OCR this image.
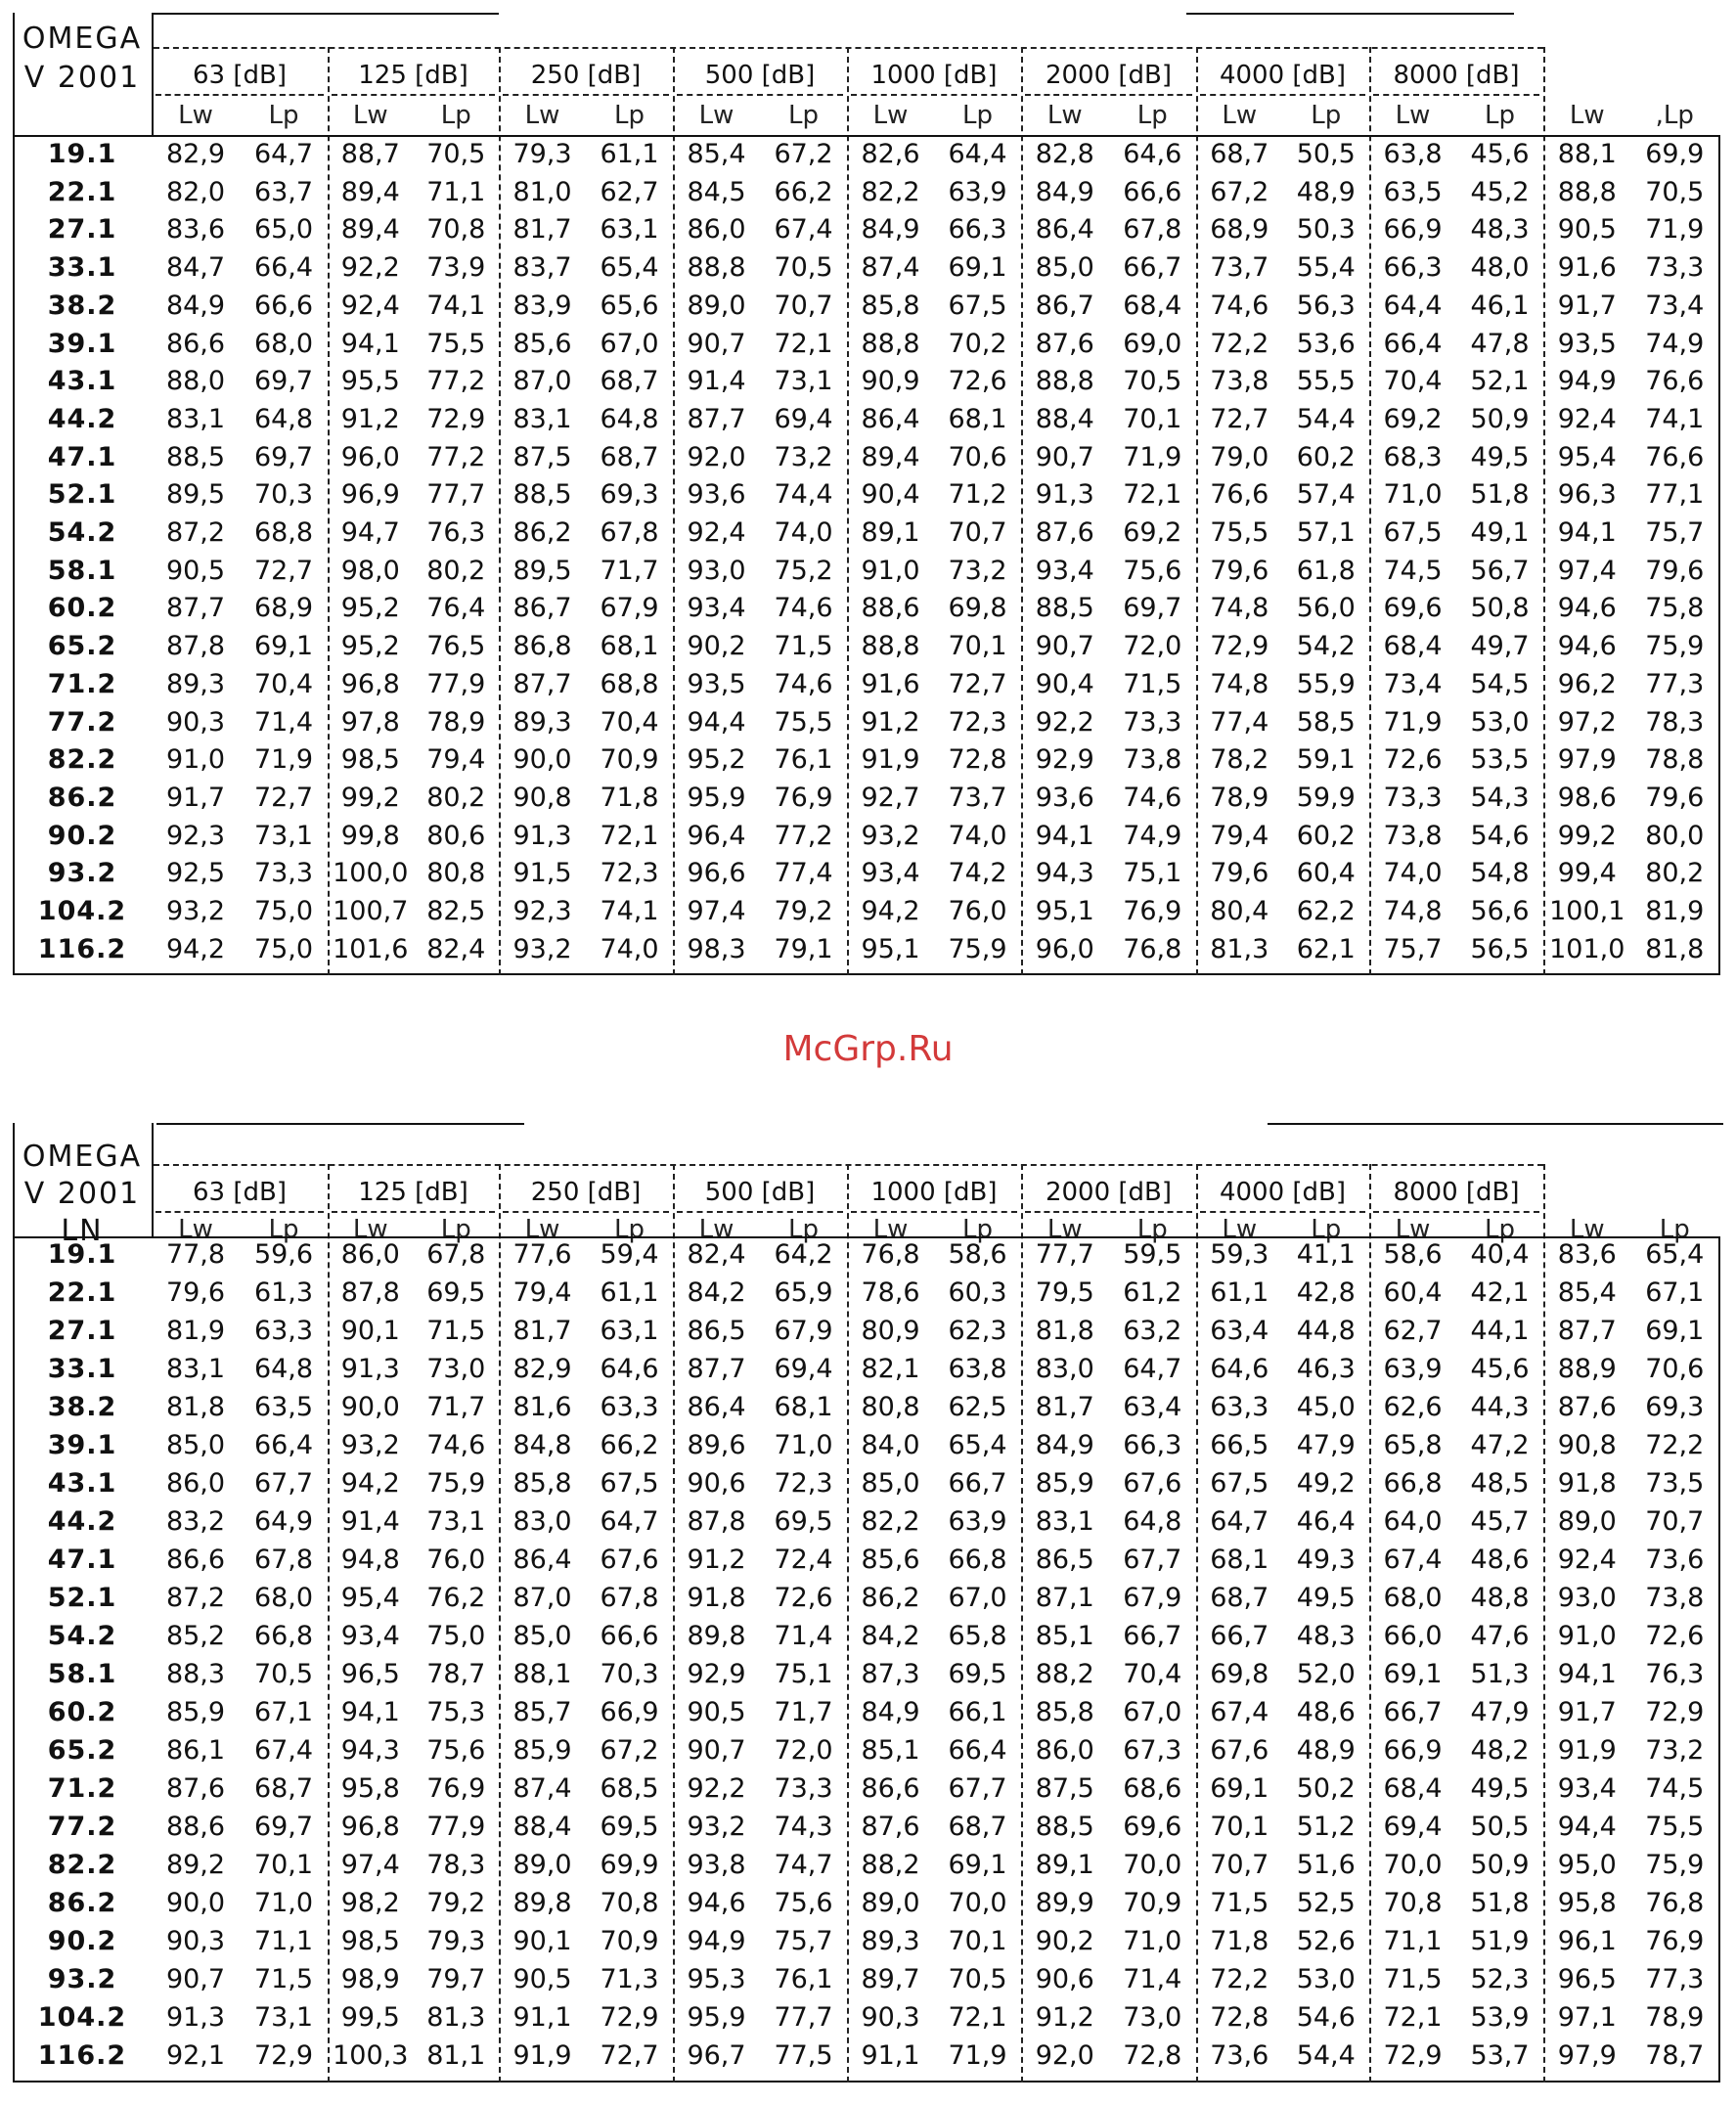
OMEGA
V 2001	63 [dB]	125 [dB]	250 [dB]	500 [dB]	1000 [dB]	2000 [dB]	4000 [dB]	8000 [dB]
Lw	Lp	Lw	Lp	Lw	Lp	Lw	Lp	Lw	Lp	Lw	Lp	Lw	Lp	Lw	Lp	Lw	,Lp
19.1	82,9	64,7	88,7	70,5	79,3	61,1	85,4	67,2	82,6	64,4	82,8	64,6	68,7	50,5	63,8	45,6	88,1	69,9
22.1	82,0	63,7	89,4	71,1	81,0	62,7	84,5	66,2	82,2	63,9	84,9	66,6	67,2	48,9	63,5	45,2	88,8	70,5
27.1	83,6	65,0	89,4	70,8	81,7	63,1	86,0	67,4	84,9	66,3	86,4	67,8	68,9	50,3	66,9	48,3	90,5	71,9
33.1	84,7	66,4	92,2	73,9	83,7	65,4	88,8	70,5	87,4	69,1	85,0	66,7	73,7	55,4	66,3	48,0	91,6	73,3
38.2	84,9	66,6	92,4	74,1	83,9	65,6	89,0	70,7	85,8	67,5	86,7	68,4	74,6	56,3	64,4	46,1	91,7	73,4
39.1	86,6	68,0	94,1	75,5	85,6	67,0	90,7	72,1	88,8	70,2	87,6	69,0	72,2	53,6	66,4	47,8	93,5	74,9
43.1	88,0	69,7	95,5	77,2	87,0	68,7	91,4	73,1	90,9	72,6	88,8	70,5	73,8	55,5	70,4	52,1	94,9	76,6
44.2	83,1	64,8	91,2	72,9	83,1	64,8	87,7	69,4	86,4	68,1	88,4	70,1	72,7	54,4	69,2	50,9	92,4	74,1
47.1	88,5	69,7	96,0	77,2	87,5	68,7	92,0	73,2	89,4	70,6	90,7	71,9	79,0	60,2	68,3	49,5	95,4	76,6
52.1	89,5	70,3	96,9	77,7	88,5	69,3	93,6	74,4	90,4	71,2	91,3	72,1	76,6	57,4	71,0	51,8	96,3	77,1
54.2	87,2	68,8	94,7	76,3	86,2	67,8	92,4	74,0	89,1	70,7	87,6	69,2	75,5	57,1	67,5	49,1	94,1	75,7
58.1	90,5	72,7	98,0	80,2	89,5	71,7	93,0	75,2	91,0	73,2	93,4	75,6	79,6	61,8	74,5	56,7	97,4	79,6
60.2	87,7	68,9	95,2	76,4	86,7	67,9	93,4	74,6	88,6	69,8	88,5	69,7	74,8	56,0	69,6	50,8	94,6	75,8
65.2	87,8	69,1	95,2	76,5	86,8	68,1	90,2	71,5	88,8	70,1	90,7	72,0	72,9	54,2	68,4	49,7	94,6	75,9
71.2	89,3	70,4	96,8	77,9	87,7	68,8	93,5	74,6	91,6	72,7	90,4	71,5	74,8	55,9	73,4	54,5	96,2	77,3
77.2	90,3	71,4	97,8	78,9	89,3	70,4	94,4	75,5	91,2	72,3	92,2	73,3	77,4	58,5	71,9	53,0	97,2	78,3
82.2	91,0	71,9	98,5	79,4	90,0	70,9	95,2	76,1	91,9	72,8	92,9	73,8	78,2	59,1	72,6	53,5	97,9	78,8
86.2	91,7	72,7	99,2	80,2	90,8	71,8	95,9	76,9	92,7	73,7	93,6	74,6	78,9	59,9	73,3	54,3	98,6	79,6
90.2	92,3	73,1	99,8	80,6	91,3	72,1	96,4	77,2	93,2	74,0	94,1	74,9	79,4	60,2	73,8	54,6	99,2	80,0
93.2	92,5	73,3 100,0 80,8	91,5	72,3	96,6	77,4	93,4	74,2	94,3	75,1	79,6	60,4	74,0	54,8	99,4	80,2
104.2	93,2	75,0 100,7 82,5	92,3	74,1	97,4	79,2	94,2	76,0	95,1	76,9	80,4	62,2	74,8	56,6 100,1 81,9
116.2	94,2	75,0 101,6 82,4	93,2	74,0	98,3	79,1	95,1	75,9	96,0	76,8	81,3	62,1	75,7	56,5 101,0 81,8
McGrp.Ru
OMEGA
V 2001
LN
63 [dB]	125 [dB]	250 [dB]	500 [dB]	1000 [dB]	2000 [dB]	4000 [dB]	8000 [dB]
Lw	Lp	Lw	Lp	Lw	Lp	Lw	Lp	Lw	Lp	Lw	Lp	Lw	Lp	Lw	Lp	Lw	Lp
19.1	77,8	59,6	86,0	67,8	77,6	59,4	82,4	64,2	76,8	58,6	77,7	59,5	59,3	41,1	58,6	40,4	83,6	65,4
22.1	79,6	61,3	87,8	69,5	79,4	61,1	84,2	65,9	78,6	60,3	79,5	61,2	61,1	42,8	60,4	42,1	85,4	67,1
27.1	81,9	63,3	90,1	71,5	81,7	63,1	86,5	67,9	80,9	62,3	81,8	63,2	63,4	44,8	62,7	44,1	87,7	69,1
33.1	83,1	64,8	91,3	73,0	82,9	64,6	87,7	69,4	82,1	63,8	83,0	64,7	64,6	46,3	63,9	45,6	88,9	70,6
38.2	81,8	63,5	90,0	71,7	81,6	63,3	86,4	68,1	80,8	62,5	81,7	63,4	63,3	45,0	62,6	44,3	87,6	69,3
39.1	85,0	66,4	93,2	74,6	84,8	66,2	89,6	71,0	84,0	65,4	84,9	66,3	66,5	47,9	65,8	47,2	90,8	72,2
43.1	86,0	67,7	94,2	75,9	85,8	67,5	90,6	72,3	85,0	66,7	85,9	67,6	67,5	49,2	66,8	48,5	91,8	73,5
44.2	83,2	64,9	91,4	73,1	83,0	64,7	87,8	69,5	82,2	63,9	83,1	64,8	64,7	46,4	64,0	45,7	89,0	70,7
47.1	86,6	67,8	94,8	76,0	86,4	67,6	91,2	72,4	85,6	66,8	86,5	67,7	68,1	49,3	67,4	48,6	92,4	73,6
52.1	87,2	68,0	95,4	76,2	87,0	67,8	91,8	72,6	86,2	67,0	87,1	67,9	68,7	49,5	68,0	48,8	93,0	73,8
54.2	85,2	66,8	93,4	75,0	85,0	66,6	89,8	71,4	84,2	65,8	85,1	66,7	66,7	48,3	66,0	47,6	91,0	72,6
58.1	88,3	70,5	96,5	78,7	88,1	70,3	92,9	75,1	87,3	69,5	88,2	70,4	69,8	52,0	69,1	51,3	94,1	76,3
60.2	85,9	67,1	94,1	75,3	85,7	66,9	90,5	71,7	84,9	66,1	85,8	67,0	67,4	48,6	66,7	47,9	91,7	72,9
65.2	86,1	67,4	94,3	75,6	85,9	67,2	90,7	72,0	85,1	66,4	86,0	67,3	67,6	48,9	66,9	48,2	91,9	73,2
71.2	87,6	68,7	95,8	76,9	87,4	68,5	92,2	73,3	86,6	67,7	87,5	68,6	69,1	50,2	68,4	49,5	93,4	74,5
77.2	88,6	69,7	96,8	77,9	88,4	69,5	93,2	74,3	87,6	68,7	88,5	69,6	70,1	51,2	69,4	50,5	94,4	75,5
82.2	89,2	70,1	97,4	78,3	89,0	69,9	93,8	74,7	88,2	69,1	89,1	70,0	70,7	51,6	70,0	50,9	95,0	75,9
86.2	90,0	71,0	98,2	79,2	89,8	70,8	94,6	75,6	89,0	70,0	89,9	70,9	71,5	52,5	70,8	51,8	95,8	76,8
90.2	90,3	71,1	98,5	79,3	90,1	70,9	94,9	75,7	89,3	70,1	90,2	71,0	71,8	52,6	71,1	51,9	96,1	76,9
93.2	90,7	71,5	98,9	79,7	90,5	71,3	95,3	76,1	89,7	70,5	90,6	71,4	72,2	53,0	71,5	52,3	96,5	77,3
104.2	91,3	73,1	99,5	81,3	91,1	72,9	95,9	77,7	90,3	72,1	91,2	73,0	72,8	54,6	72,1	53,9	97,1	78,9
116.2	92,1	72,9 100,3 81,1	91,9	72,7	96,7	77,5	91,1	71,9	92,0	72,8	73,6	54,4	72,9	53,7	97,9	78,7
